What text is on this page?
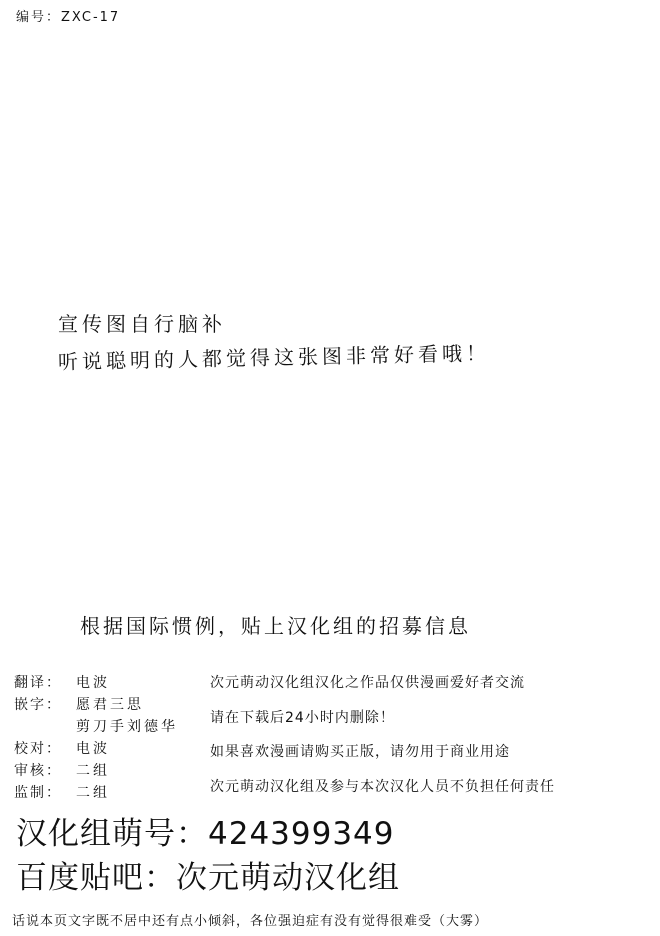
编号：ZXC-17
宣传图自行脑补
听说聪明的人都觉得这张图非常好看哦！
根据国际惯例，贴上汉化组的招募信息
翻译：	电波
嵌字：	愿君三思
剪刀手刘德华
校对：	电波
审核：	二组
监制：	二组
次元萌动汉化组汉化之作品仅供漫画爱好者交流
请在下载后24小时内删除！
如果喜欢漫画请购买正版，请勿用于商业用途
次元萌动汉化组及参与本次汉化人员不负担任何责任
汉化组萌号：424399349
百度贴吧：次元萌动汉化组
话说本页文字既不居中还有点小倾斜，各位强迫症有没有觉得很难受（大雾）
